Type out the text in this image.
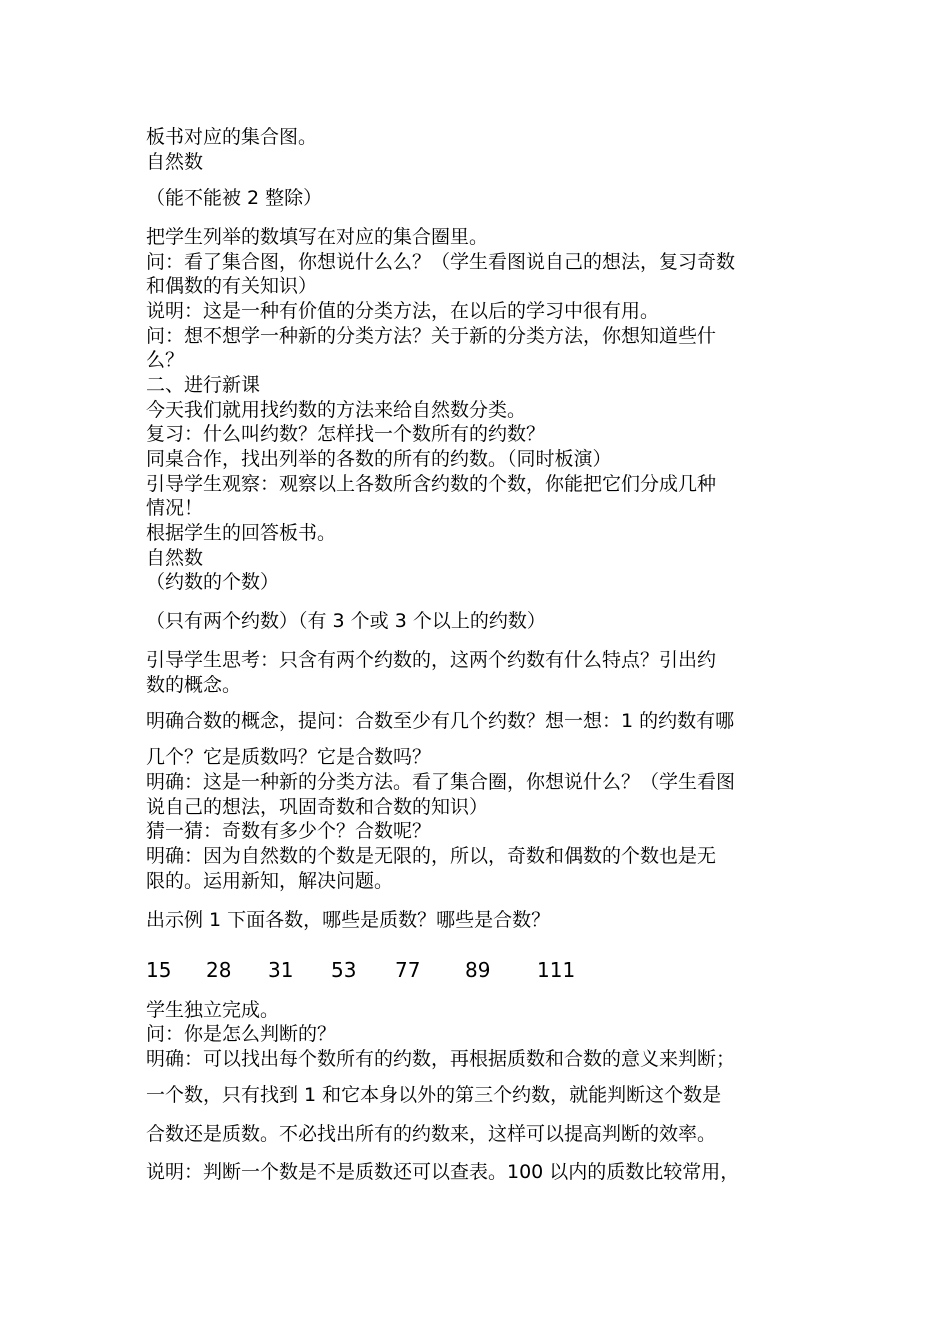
板书对应的集合图。
自然数
（能不能被 2 整除）
把学生列举的数填写在对应的集合圈里。
问：看了集合图，你想说什么么？（学生看图说自己的想法，复习奇数
和偶数的有关知识）
说明：这是一种有价值的分类方法，在以后的学习中很有用。
问：想不想学一种新的分类方法？关于新的分类方法，你想知道些什
么？
二、进行新课
今天我们就用找约数的方法来给自然数分类。
复习：什么叫约数？怎样找一个数所有的约数？
同桌合作，找出列举的各数的所有的约数。（同时板演）
引导学生观察：观察以上各数所含约数的个数，你能把它们分成几种
情况！
根据学生的回答板书。
自然数
（约数的个数）
（只有两个约数）（有 3 个或 3 个以上的约数）
引导学生思考：只含有两个约数的，这两个约数有什么特点？引出约
数的概念。
明确合数的概念，提问：合数至少有几个约数？想一想：1 的约数有哪
几个？它是质数吗？它是合数吗？
明确：这是一种新的分类方法。看了集合圈，你想说什么？（学生看图
说自己的想法，巩固奇数和合数的知识）
猜一猜：奇数有多少个？合数呢？
明确：因为自然数的个数是无限的，所以，奇数和偶数的个数也是无
限的。运用新知，解决问题。
出示例 1 下面各数，哪些是质数？哪些是合数？
15 28 31 53 77 89 111
学生独立完成。
问：你是怎么判断的？
明确：可以找出每个数所有的约数，再根据质数和合数的意义来判断；
一个数，只有找到 1 和它本身以外的第三个约数，就能判断这个数是
合数还是质数。不必找出所有的约数来，这样可以提高判断的效率。
说明：判断一个数是不是质数还可以查表。100 以内的质数比较常用，
